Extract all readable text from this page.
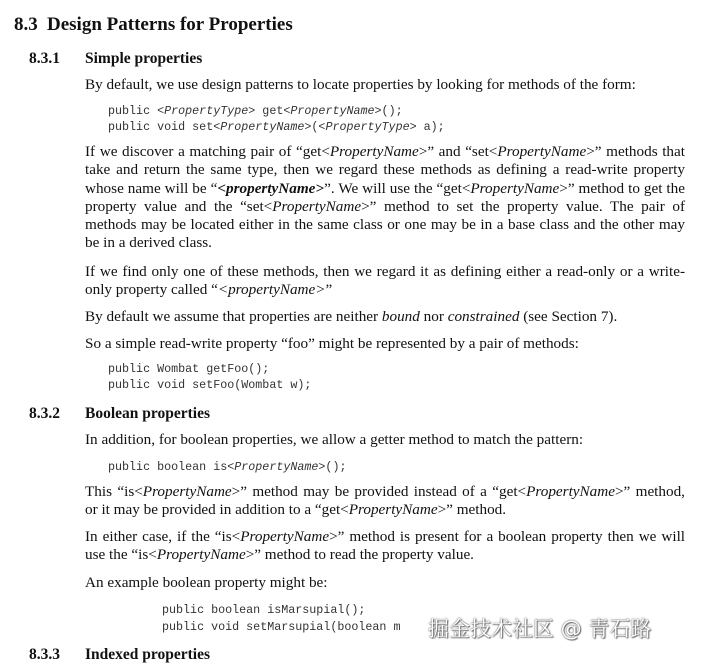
8.3 Design Patterns for Properties
8.3.1 Simple properties

By default, we use design patterns to locate properties by looking for methods of the form:

public <PropertyType> get<PropertyName>();
public void set<PropertyName>(<PropertyType> a);

If we discover a matching pair of “get<PropertyName>” and “set<PropertyName>” methods that take and return the same type, then we regard these methods as defining a read-write property whose name will be “<propertyName>”. We will use the “get<PropertyName>” method to get the property value and the “set<PropertyName>” method to set the property value. The pair of methods may be located either in the same class or one may be in a base class and the other may be in a derived class.

If we find only one of these methods, then we regard it as defining either a read-only or a write-only property called “<propertyName>”

By default we assume that properties are neither bound nor constrained (see Section 7).

So a simple read-write property “foo” might be represented by a pair of methods:

public Wombat getFoo();
public void setFoo(Wombat w);
8.3.2 Boolean properties

In addition, for boolean properties, we allow a getter method to match the pattern:

public boolean is<PropertyName>();

This “is<PropertyName>” method may be provided instead of a “get<PropertyName>” method, or it may be provided in addition to a “get<PropertyName>” method.

In either case, if the “is<PropertyName>” method is present for a boolean property then we will use the “is<PropertyName>” method to read the property value.

An example boolean property might be:

public boolean isMarsupial();
public void setMarsupial(boolean m
8.3.3 Indexed properties
掘金技术社区 @ 青石路
